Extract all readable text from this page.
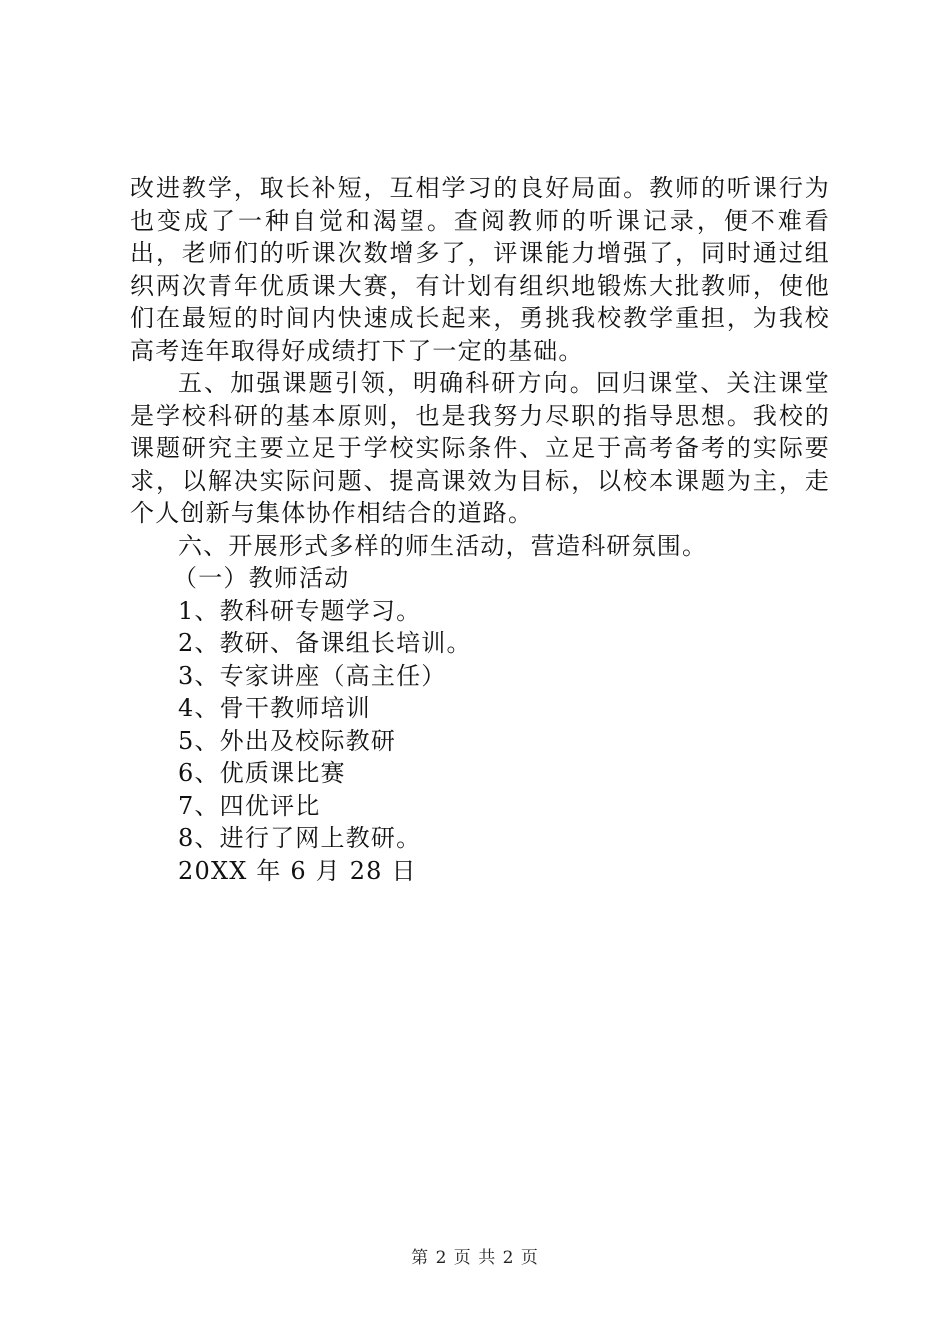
改进教学，取长补短，互相学习的良好局面。教师的听课行为也变成了一种自觉和渴望。查阅教师的听课记录，便不难看出，老师们的听课次数增多了，评课能力增强了，同时通过组织两次青年优质课大赛，有计划有组织地锻炼大批教师，使他们在最短的时间内快速成长起来，勇挑我校教学重担，为我校高考连年取得好成绩打下了一定的基础。

五、加强课题引领，明确科研方向。回归课堂、关注课堂是学校科研的基本原则，也是我努力尽职的指导思想。我校的课题研究主要立足于学校实际条件、立足于高考备考的实际要求，以解决实际问题、提高课效为目标，以校本课题为主，走个人创新与集体协作相结合的道路。

六、开展形式多样的师生活动，营造科研氛围。

（一）教师活动

1、教科研专题学习。

2、教研、备课组长培训。

3、专家讲座（高主任）

4、骨干教师培训

5、外出及校际教研

6、优质课比赛

7、四优评比

8、进行了网上教研。

20XX 年 6 月 28 日

第 2 页 共 2 页
